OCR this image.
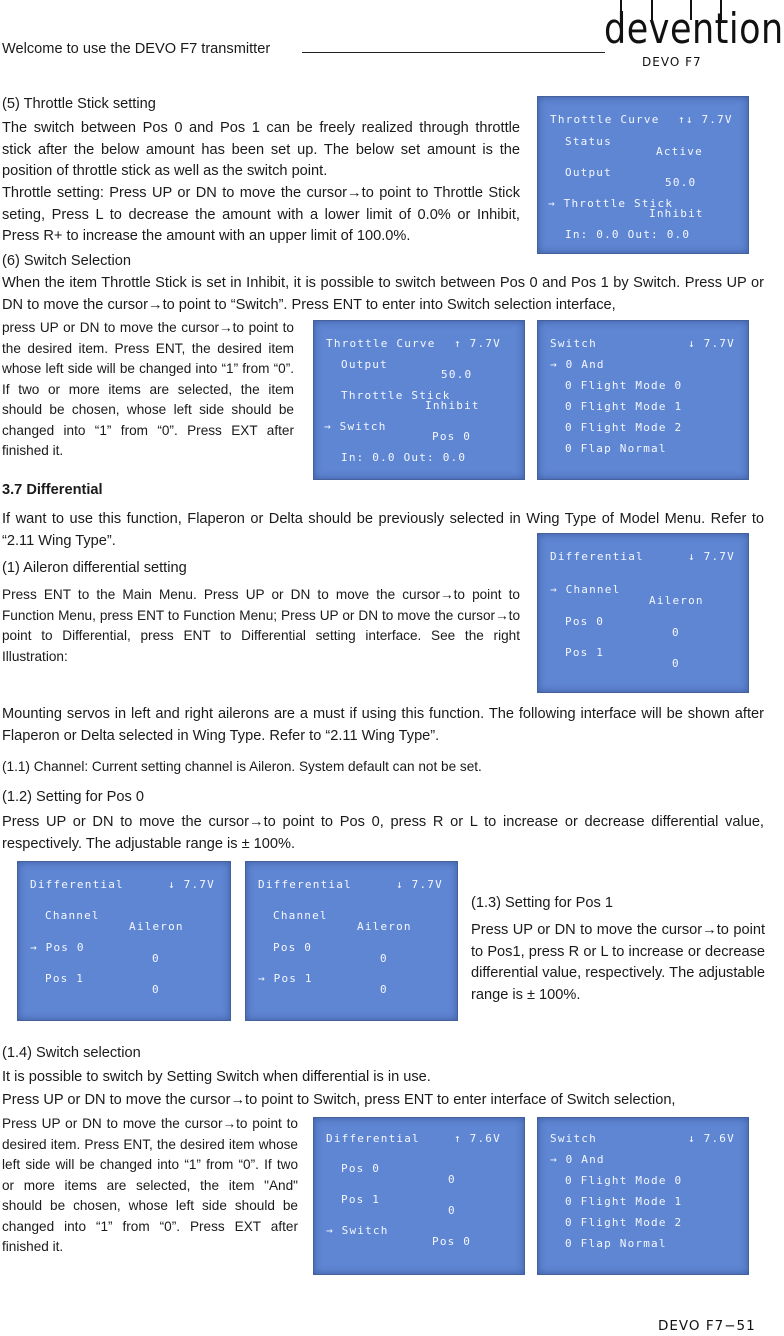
Welcome to use the DEVO F7 transmitter	devention
DEVO F7
(5) Throttle Stick setting

The switch between Pos 0 and Pos 1 can be freely realized through throttle stick after the below amount has been set up. The below set amount is the position of throttle stick as well as the switch point.

Throttle setting: Press UP or DN to move the cursor→to point to Throttle Stick seting, Press L to decrease the amount with a lower limit of 0.0% or Inhibit, Press R+ to increase the amount with an upper limit of 100.0%.

Throttle Curve ↑↓ 7.7V
Status
Active
Output
50.0
→ Throttle Stick
Inhibit
In: 0.0 Out: 0.0
(6) Switch Selection

When the item Throttle Stick is set in Inhibit, it is possible to switch between Pos 0 and Pos 1 by Switch. Press UP or DN to move the cursor→to point to “Switch”. Press ENT to enter into Switch selection interface,

press UP or DN to move the cursor→to point to the desired item. Press ENT, the desired item whose left side will be changed into “1” from “0”. If two or more items are selected, the item should be chosen, whose left side should be changed into “1” from “0”. Press EXT after finished it.

Throttle Curve ↑ 7.7V
Output
50.0
Throttle Stick
Inhibit
→ Switch
Pos 0
In: 0.0 Out: 0.0
Switch	↓ 7.7V
→ 0 And
0 Flight Mode 0
0 Flight Mode 1
0 Flight Mode 2
0 Flap Normal
3.7 Differential

If want to use this function, Flaperon or Delta should be previously selected in Wing Type of Model Menu. Refer to “2.11 Wing Type”.

(1) Aileron differential setting

Press ENT to the Main Menu. Press UP or DN to move the cursor→to point to Function Menu, press ENT to Function Menu; Press UP or DN to move the cursor→to point to Differential, press ENT to Differential setting interface. See the right Illustration:

Differential	↓ 7.7V
→ Channel
Aileron
Pos 0
0
Pos 1
0

Mounting servos in left and right ailerons are a must if using this function. The following interface will be shown after Flaperon or Delta selected in Wing Type. Refer to “2.11 Wing Type”.

(1.1) Channel: Current setting channel is Aileron. System default can not be set.

(1.2) Setting for Pos 0

Press UP or DN to move the cursor→to point to Pos 0, press R or L to increase or decrease differential value, respectively. The adjustable range is ± 100%.

Differential	↓ 7.7V
Channel
Aileron
→ Pos 0
0
Pos 1
0
Differential	↓ 7.7V
Channel
Aileron
Pos 0
0
→ Pos 1
0
(1.3) Setting for Pos 1

Press UP or DN to move the cursor→to point to Pos1, press R or L to increase or decrease differential value, respectively. The adjustable range is ± 100%.

(1.4) Switch selection

It is possible to switch by Setting Switch when differential is in use.

Press UP or DN to move the cursor→to point to Switch, press ENT to enter interface of Switch selection,

Press UP or DN to move the cursor→to point to desired item. Press ENT, the desired item whose left side will be changed into “1” from “0”. If two or more items are selected, the item "And" should be chosen, whose left side should be changed into “1” from “0”. Press EXT after finished it.

Differential	↑ 7.6V
Pos 0
0
Pos 1
0
→ Switch
Pos 0
Switch	↓ 7.6V
→ 0 And
0 Flight Mode 0
0 Flight Mode 1
0 Flight Mode 2
0 Flap Normal
DEVO F7−51
